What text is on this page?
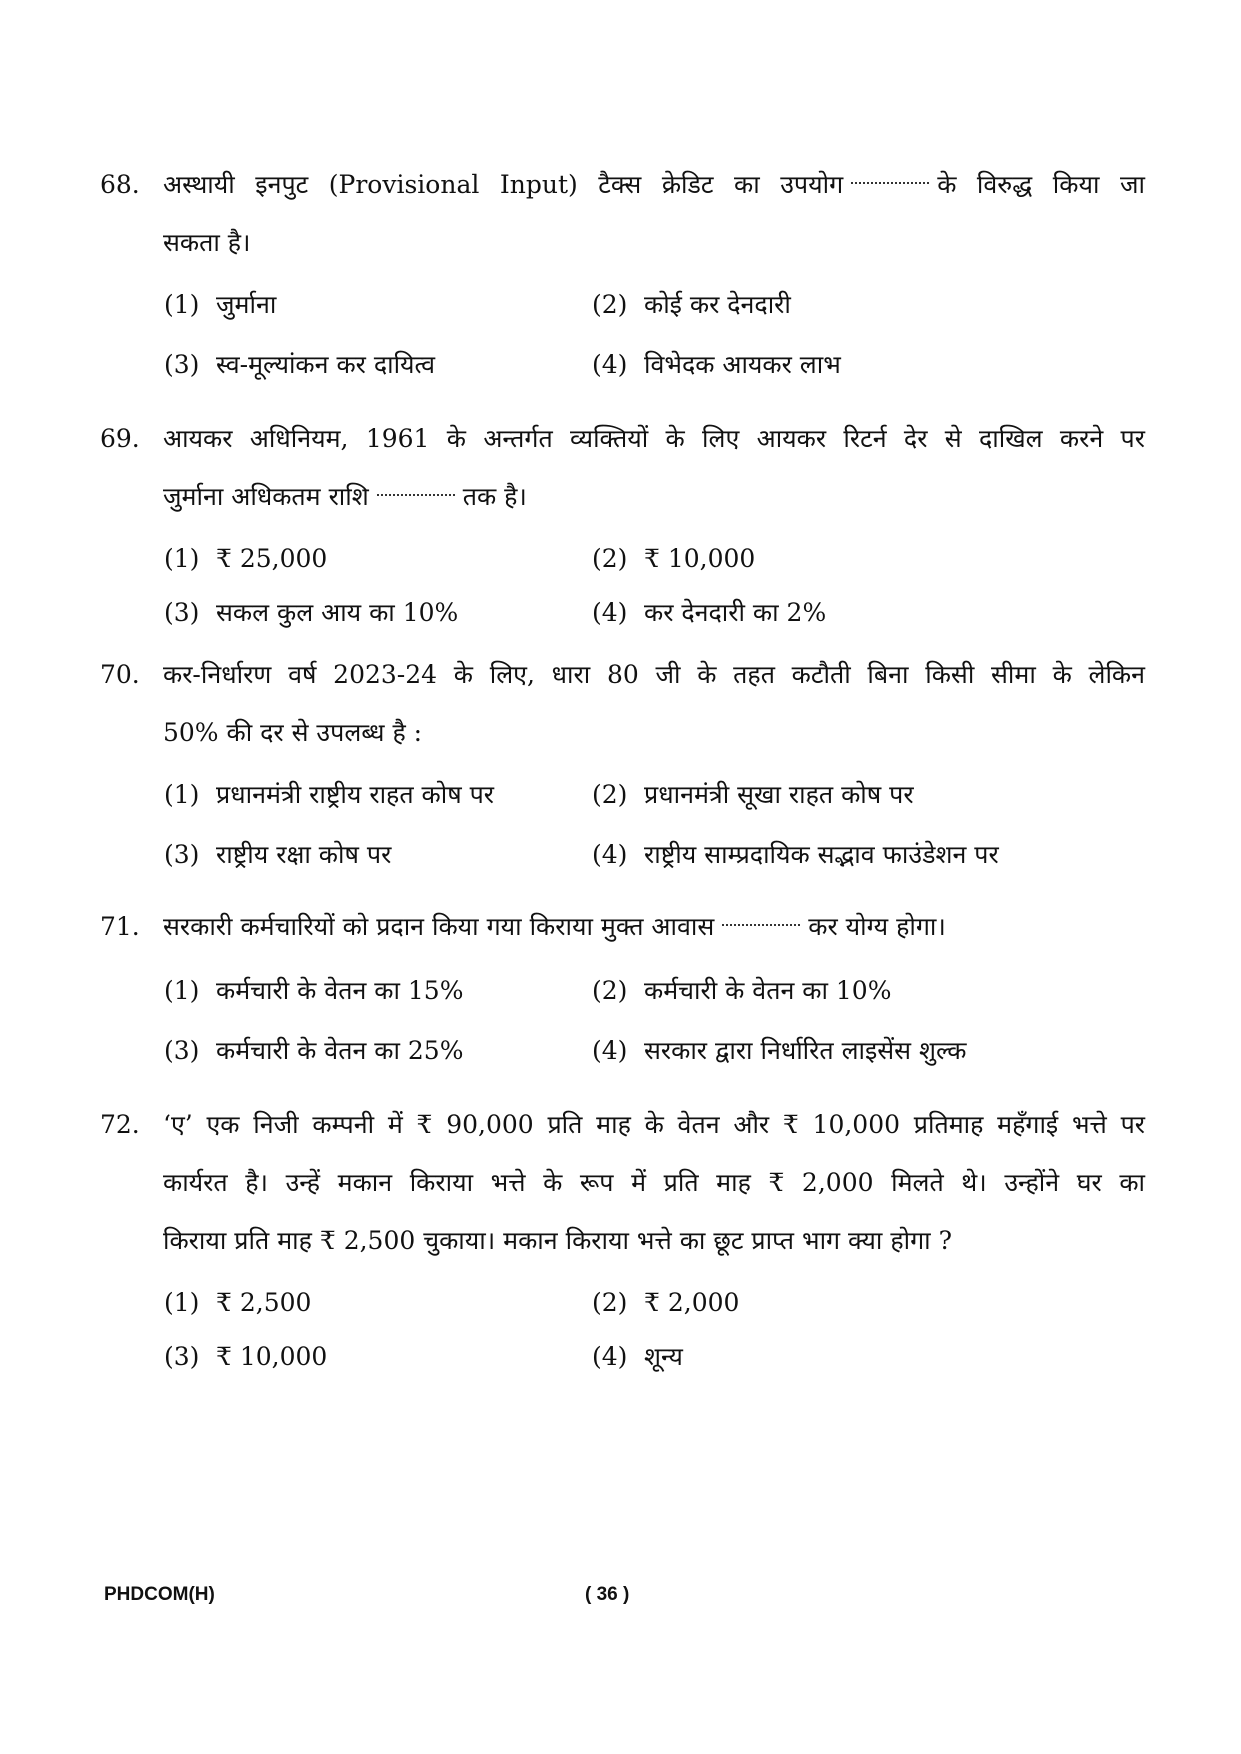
68. अस्थायी इनपुट (Provisional Input) टैक्स क्रेडिट का उपयोग	के विरुद्ध किया जा
सकता है।
(1) जुर्माना	(2) कोई कर देनदारी
(3) स्व-मूल्यांकन कर दायित्व	(4) विभेदक आयकर लाभ
69. आयकर अधिनियम, 1961 के अन्तर्गत व्यक्तियों के लिए आयकर रिटर्न देर से दाखिल करने पर
जुर्माना अधिकतम राशि	तक है।
(1) ₹ 25,000	(2) ₹ 10,000
(3) सकल कुल आय का 10%	(4) कर देनदारी का 2%
70. कर-निर्धारण वर्ष 2023-24 के लिए, धारा 80 जी के तहत कटौती बिना किसी सीमा के लेकिन
50% की दर से उपलब्ध है :
(1) प्रधानमंत्री राष्ट्रीय राहत कोष पर	(2) प्रधानमंत्री सूखा राहत कोष पर
(3) राष्ट्रीय रक्षा कोष पर	(4) राष्ट्रीय साम्प्रदायिक सद्भाव फाउंडेशन पर
71. सरकारी कर्मचारियों को प्रदान किया गया किराया मुक्त आवास	कर योग्य होगा।
(1) कर्मचारी के वेतन का 15%	(2) कर्मचारी के वेतन का 10%
(3) कर्मचारी के वेतन का 25%	(4) सरकार द्वारा निर्धारित लाइसेंस शुल्क
72. ‘ए’ एक निजी कम्पनी में ₹ 90,000 प्रति माह के वेतन और ₹ 10,000 प्रतिमाह महँगाई भत्ते पर
कार्यरत है। उन्हें मकान किराया भत्ते के रूप में प्रति माह ₹ 2,000 मिलते थे। उन्होंने घर का
किराया प्रति माह ₹ 2,500 चुकाया। मकान किराया भत्ते का छूट प्राप्त भाग क्या होगा ?
(1) ₹ 2,500	(2) ₹ 2,000
(3) ₹ 10,000	(4) शून्य
PHDCOM(H)	( 36 )
